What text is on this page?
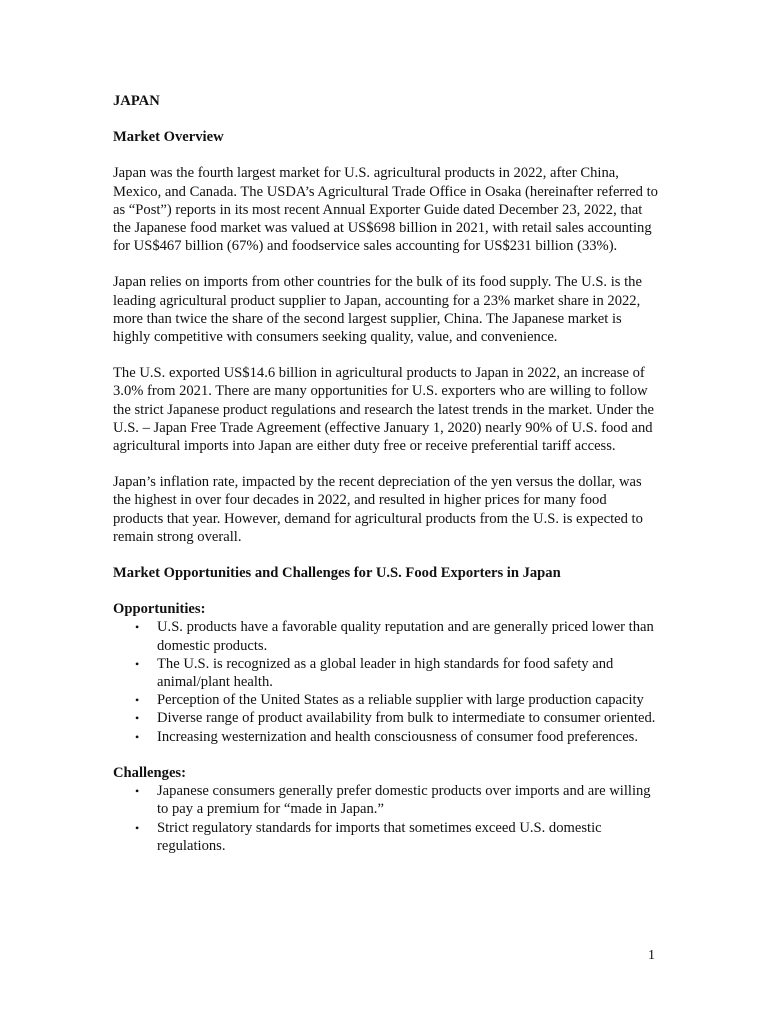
JAPAN

Market Overview

Japan was the fourth largest market for U.S. agricultural products in 2022, after China, Mexico, and Canada. The USDA’s Agricultural Trade Office in Osaka (hereinafter referred to as “Post”) reports in its most recent Annual Exporter Guide dated December 23, 2022, that the Japanese food market was valued at US$698 billion in 2021, with retail sales accounting for US$467 billion (67%) and foodservice sales accounting for US$231 billion (33%).

Japan relies on imports from other countries for the bulk of its food supply. The U.S. is the leading agricultural product supplier to Japan, accounting for a 23% market share in 2022, more than twice the share of the second largest supplier, China. The Japanese market is highly competitive with consumers seeking quality, value, and convenience.

The U.S. exported US$14.6 billion in agricultural products to Japan in 2022, an increase of 3.0% from 2021. There are many opportunities for U.S. exporters who are willing to follow the strict Japanese product regulations and research the latest trends in the market. Under the U.S. – Japan Free Trade Agreement (effective January 1, 2020) nearly 90% of U.S. food and agricultural imports into Japan are either duty free or receive preferential tariff access.

Japan’s inflation rate, impacted by the recent depreciation of the yen versus the dollar, was the highest in over four decades in 2022, and resulted in higher prices for many food products that year. However, demand for agricultural products from the U.S. is expected to remain strong overall.

Market Opportunities and Challenges for U.S. Food Exporters in Japan

Opportunities:

• U.S. products have a favorable quality reputation and are generally priced lower than domestic products.
• The U.S. is recognized as a global leader in high standards for food safety and animal/plant health.
• Perception of the United States as a reliable supplier with large production capacity
• Diverse range of product availability from bulk to intermediate to consumer oriented.
• Increasing westernization and health consciousness of consumer food preferences.

Challenges:

• Japanese consumers generally prefer domestic products over imports and are willing to pay a premium for “made in Japan.”
• Strict regulatory standards for imports that sometimes exceed U.S. domestic regulations.
1
